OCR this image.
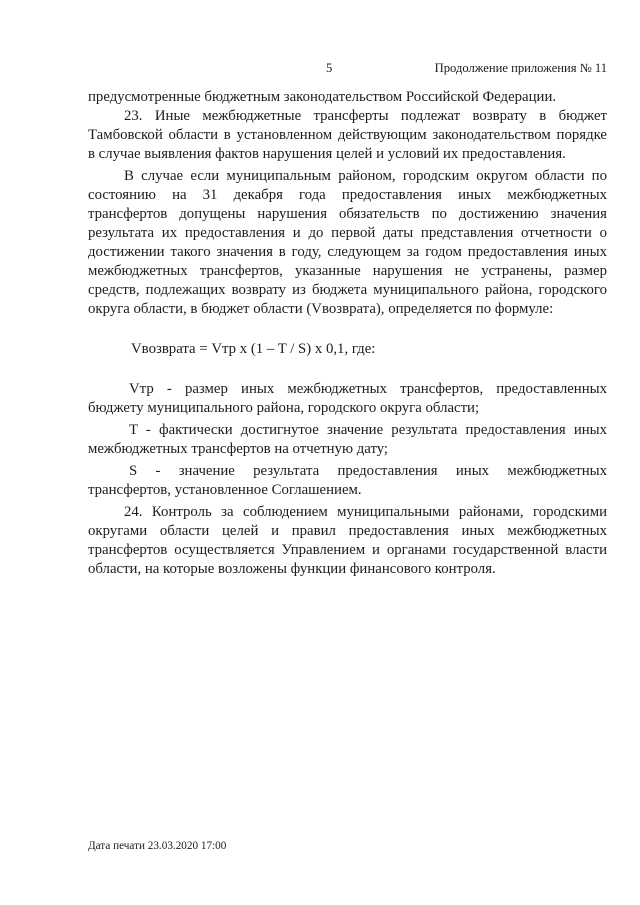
5	Продолжение приложения № 11
предусмотренные бюджетным законодательством Российской Федерации.
23. Иные межбюджетные трансферты подлежат возврату в бюджет
Тамбовской области в установленном действующим законодательством порядке
в случае выявления фактов нарушения целей и условий их предоставления.
В случае если муниципальным районом, городским округом области по
состоянию на 31 декабря года предоставления иных межбюджетных
трансфертов допущены нарушения обязательств по достижению значения
результата их предоставления и до первой даты представления отчетности о
достижении такого значения в году, следующем за годом предоставления иных
межбюджетных трансфертов, указанные нарушения не устранены, размер
средств, подлежащих возврату из бюджета муниципального района, городского
округа области, в бюджет области (Vвозврата), определяется по формуле:
Vвозврата = Vтр x (1 – T / S) x 0,1, где:
Vтр - размер иных межбюджетных трансфертов, предоставленных
бюджету муниципального района, городского округа области;
T - фактически достигнутое значение результата предоставления иных
межбюджетных трансфертов на отчетную дату;
S - значение результата предоставления иных межбюджетных
трансфертов, установленное Соглашением.
24. Контроль за соблюдением муниципальными районами, городскими
округами области целей и правил предоставления иных межбюджетных
трансфертов осуществляется Управлением и органами государственной власти
области, на которые возложены функции финансового контроля.
Дата печати 23.03.2020 17:00
